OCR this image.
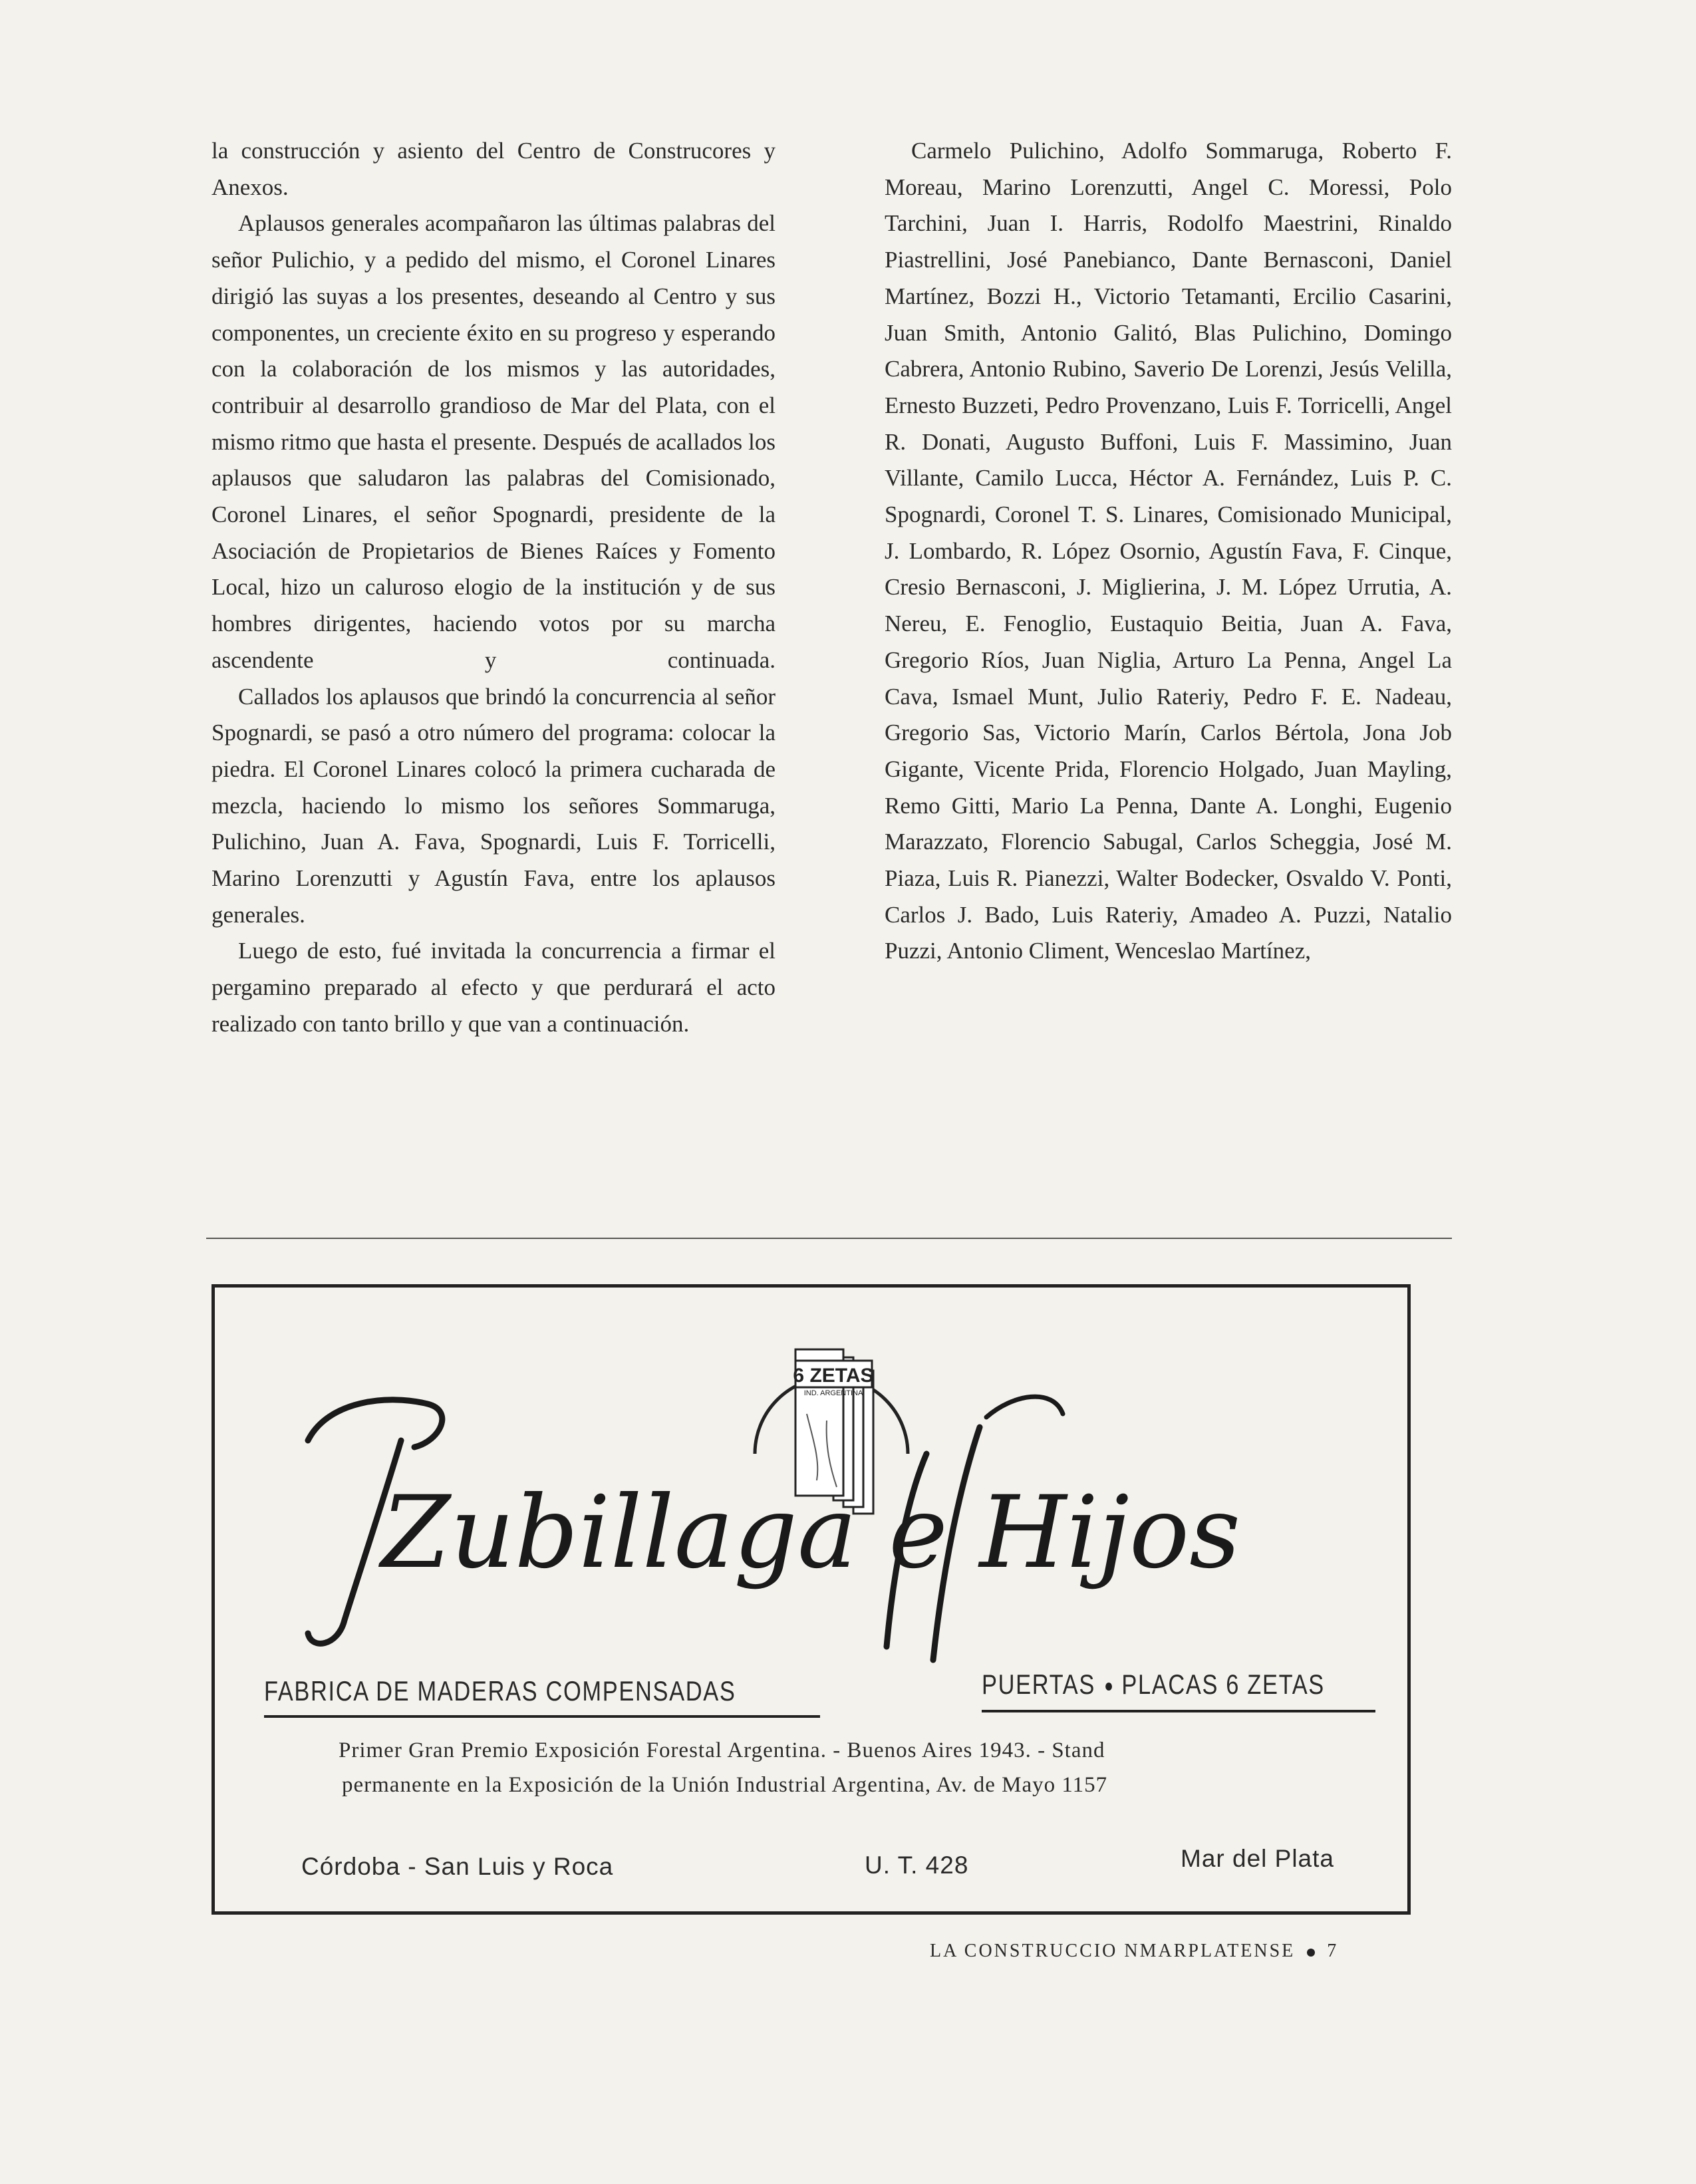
la construcción y asiento del Centro de Construcores y Anexos.

Aplausos generales acompañaron las últimas palabras del señor Pulichio, y a pedido del mismo, el Coronel Linares dirigió las suyas a los presentes, deseando al Centro y sus componentes, un creciente éxito en su progreso y esperando con la colaboración de los mismos y las autoridades, contribuir al desarrollo grandioso de Mar del Plata, con el mismo ritmo que hasta el presente. Después de acallados los aplausos que saludaron las palabras del Comisionado, Coronel Linares, el señor Spognardi, presidente de la Asociación de Propietarios de Bienes Raíces y Fomento Local, hizo un caluroso elogio de la institución y de sus hombres dirigentes, haciendo votos por su marcha ascendente y continuada.

Callados los aplausos que brindó la concurrencia al señor Spognardi, se pasó a otro número del programa: colocar la piedra. El Coronel Linares colocó la primera cucharada de mezcla, haciendo lo mismo los señores Sommaruga, Pulichino, Juan A. Fava, Spognardi, Luis F. Torricelli, Marino Lorenzutti y Agustín Fava, entre los aplausos generales.

Luego de esto, fué invitada la concurrencia a firmar el pergamino preparado al efecto y que perdurará el acto realizado con tanto brillo y que van a continuación.

Carmelo Pulichino, Adolfo Sommaruga, Roberto F. Moreau, Marino Lorenzutti, Angel C. Moressi, Polo Tarchini, Juan I. Harris, Rodolfo Maestrini, Rinaldo Piastrellini, José Panebianco, Dante Bernasconi, Daniel Martínez, Bozzi H., Victorio Tetamanti, Ercilio Casarini, Juan Smith, Antonio Galitó, Blas Pulichino, Domingo Cabrera, Antonio Rubino, Saverio De Lorenzi, Jesús Velilla, Ernesto Buzzeti, Pedro Provenzano, Luis F. Torricelli, Angel R. Donati, Augusto Buffoni, Luis F. Massimino, Juan Villante, Camilo Lucca, Héctor A. Fernández, Luis P. C. Spognardi, Coronel T. S. Linares, Comisionado Municipal, J. Lombardo, R. López Osornio, Agustín Fava, F. Cinque, Cresio Bernasconi, J. Miglierina, J. M. López Urrutia, A. Nereu, E. Fenoglio, Eustaquio Beitia, Juan A. Fava, Gregorio Ríos, Juan Niglia, Arturo La Penna, Angel La Cava, Ismael Munt, Julio Rateriy, Pedro F. E. Nadeau, Gregorio Sas, Victorio Marín, Carlos Bértola, Jona Job Gigante, Vicente Prida, Florencio Holgado, Juan Mayling, Remo Gitti, Mario La Penna, Dante A. Longhi, Eugenio Marazzato, Florencio Sabugal, Carlos Scheggia, José M. Piaza, Luis R. Pianezzi, Walter Bodecker, Osvaldo V. Ponti, Carlos J. Bado, Luis Rateriy, Amadeo A. Puzzi, Natalio Puzzi, Antonio Climent, Wenceslao Martínez,

6 ZETAS
IND. ARGENTINA
Zubillaga e Hijos
FABRICA DE MADERAS COMPENSADAS	PUERTAS PLACAS 6 ZETAS
Primer Gran Premio Exposición Forestal Argentina. - Buenos Aires 1943. - Stand
permanente en la Exposición de la Unión Industrial Argentina, Av. de Mayo 1157
Córdoba - San Luis y Roca	U. T. 428	Mar del Plata
LA CONSTRUCCIO NMARPLATENSE 7
